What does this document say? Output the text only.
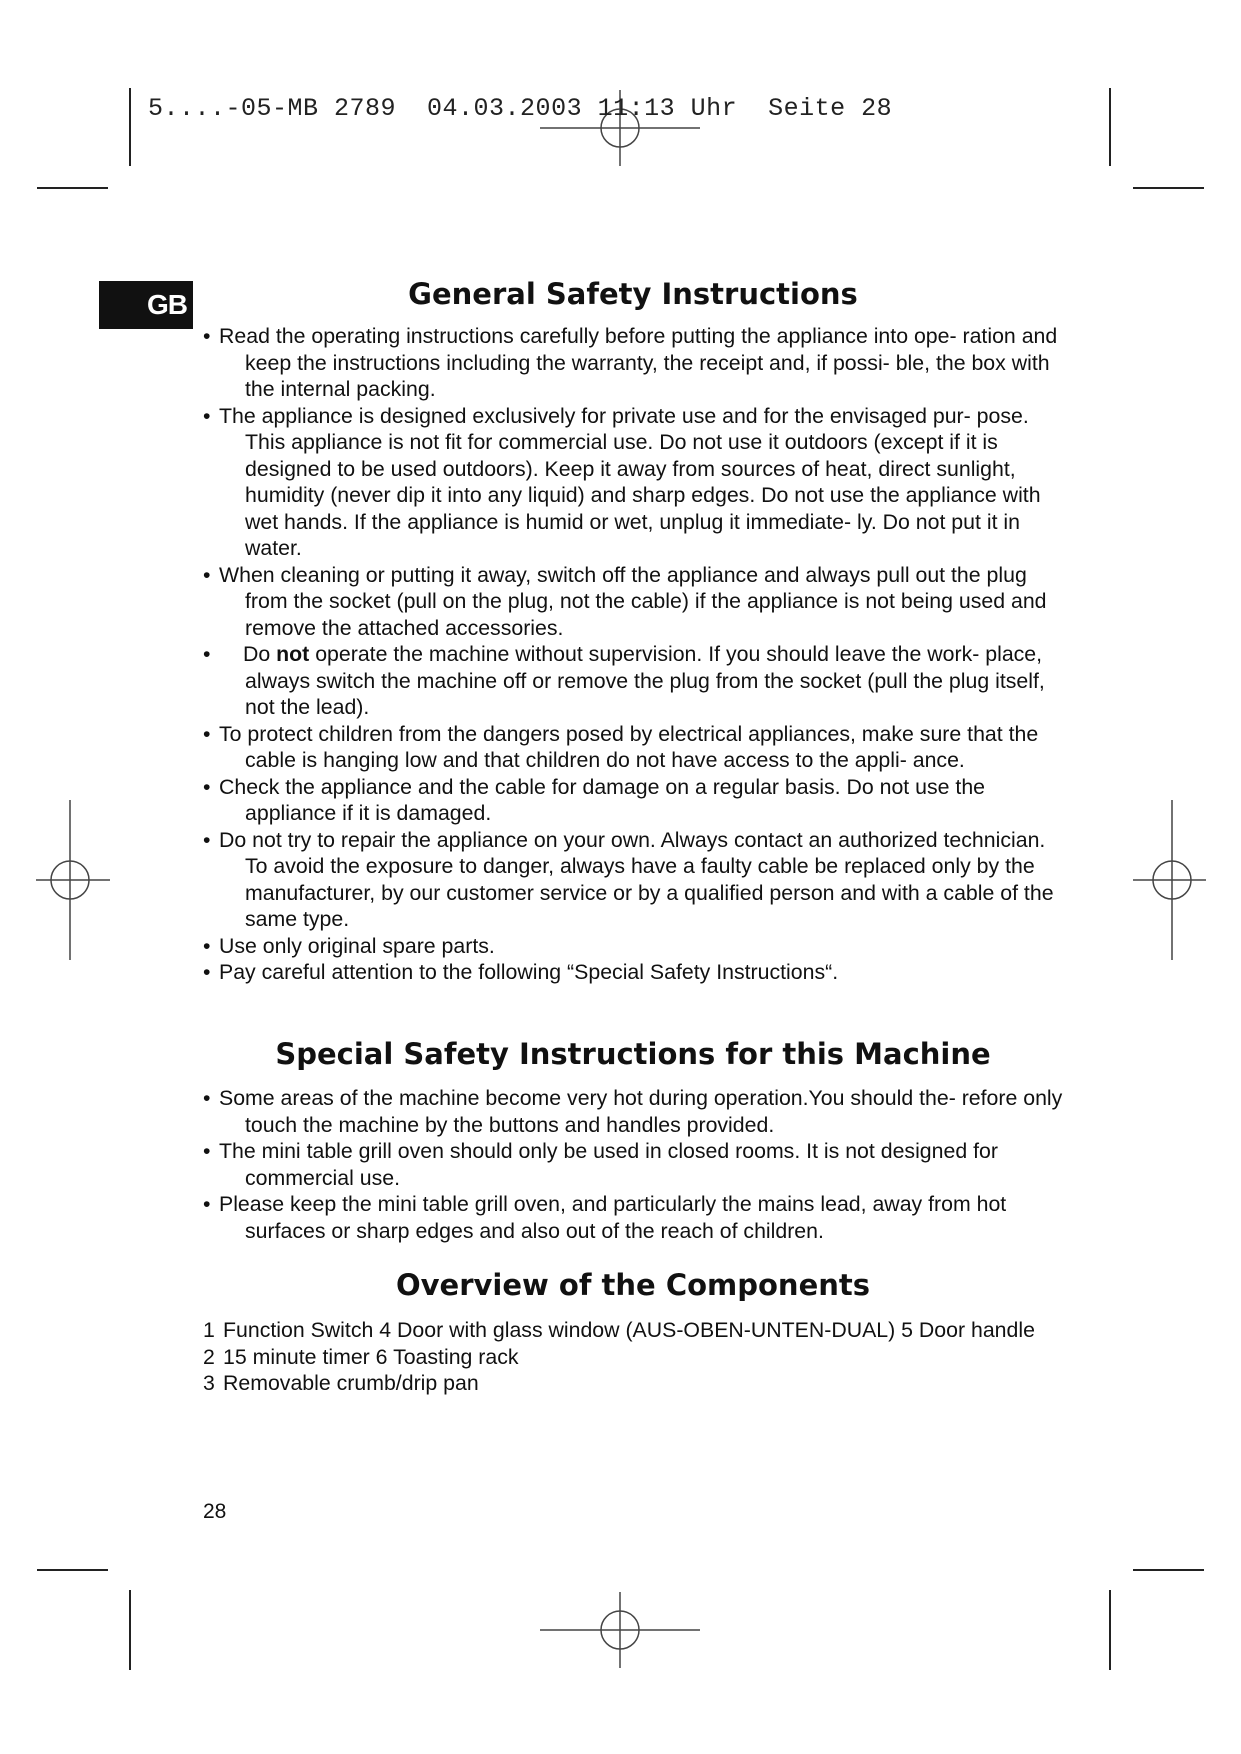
5....-05-MB 2789  04.03.2003 11:13 Uhr  Seite 28
GB	General Safety Instructions
• Read the operating instructions carefully before putting the appliance into ope- ration and keep the instructions including the warranty, the receipt and, if possi- ble, the box with the internal packing.
• The appliance is designed exclusively for private use and for the envisaged pur- pose. This appliance is not fit for commercial use. Do not use it outdoors (except if it is designed to be used outdoors). Keep it away from sources of heat, direct sunlight, humidity (never dip it into any liquid) and sharp edges. Do not use the appliance with wet hands. If the appliance is humid or wet, unplug it immediate- ly. Do not put it in water.
• When cleaning or putting it away, switch off the appliance and always pull out the plug from the socket (pull on the plug, not the cable) if the appliance is not being used and remove the attached accessories.
• Do not operate the machine without supervision. If you should leave the work- place, always switch the machine off or remove the plug from the socket (pull the plug itself, not the lead).
• To protect children from the dangers posed by electrical appliances, make sure that the cable is hanging low and that children do not have access to the appli- ance.
• Check the appliance and the cable for damage on a regular basis. Do not use the appliance if it is damaged.
• Do not try to repair the appliance on your own. Always contact an authorized technician. To avoid the exposure to danger, always have a faulty cable be replaced only by the manufacturer, by our customer service or by a qualified person and with a cable of the same type.
• Use only original spare parts.
• Pay careful attention to the following “Special Safety Instructions“.
Special Safety Instructions for this Machine
• Some areas of the machine become very hot during operation.You should the- refore only touch the machine by the buttons and handles provided.
• The mini table grill oven should only be used in closed rooms. It is not designed for commercial use.
• Please keep the mini table grill oven, and particularly the mains lead, away from hot surfaces or sharp edges and also out of the reach of children.
Overview of the Components
1 Function Switch 4 Door with glass window (AUS-OBEN-UNTEN-DUAL) 5 Door handle
2 15 minute timer 6 Toasting rack
3 Removable crumb/drip pan
28
